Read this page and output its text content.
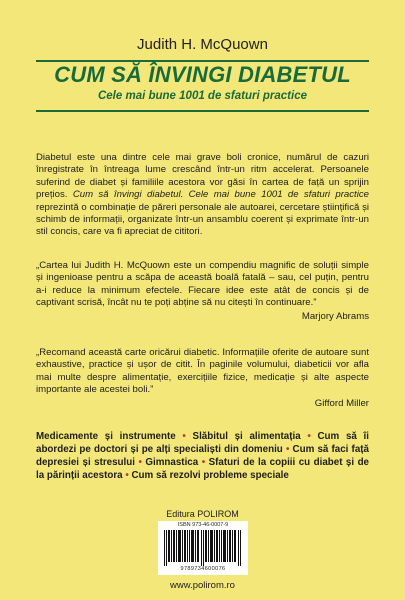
Judith H. McQuown
CUM SĂ ÎNVINGI DIABETUL
Cele mai bune 1001 de sfaturi practice
Diabetul este una dintre cele mai grave boli cronice, numărul de cazuri înregistrate în întreaga lume crescând într-un ritm accelerat. Persoanele suferind de diabet și familiile acestora vor găsi în cartea de față un sprijin prețios. Cum să învingi diabetul. Cele mai bune 1001 de sfaturi practice reprezintă o combinație de păreri personale ale autoarei, cercetare științifică și schimb de informații, organizate într-un ansamblu coerent și exprimate într-un stil concis, care va fi apreciat de cititori.

„Cartea lui Judith H. McQuown este un compendiu magnific de soluții simple și ingenioase pentru a scăpa de această boală fatală – sau, cel puțin, pentru a-i reduce la minimum efectele. Fiecare idee este atât de concis și de captivant scrisă, încât nu te poți abține să nu citești în continuare.”

Marjory Abrams

„Recomand această carte oricărui diabetic. Informațiile oferite de autoare sunt exhaustive, practice și ușor de citit. În paginile volumului, diabeticii vor afla mai multe despre alimentație, exercițiile fizice, medicație și alte aspecte importante ale acestei boli.”

Gifford Miller
Medicamente și instrumente • Slăbitul și alimentația • Cum să îi abordezi pe doctori și pe alți specialiști din domeniu • Cum să faci față depresiei și stresului • Gimnastica • Sfaturi de la copiii cu diabet și de la părinții acestora • Cum să rezolvi probleme speciale
Editura POLIROM
ISBN 973-46-0007-9
9789734600076
www.polirom.ro
